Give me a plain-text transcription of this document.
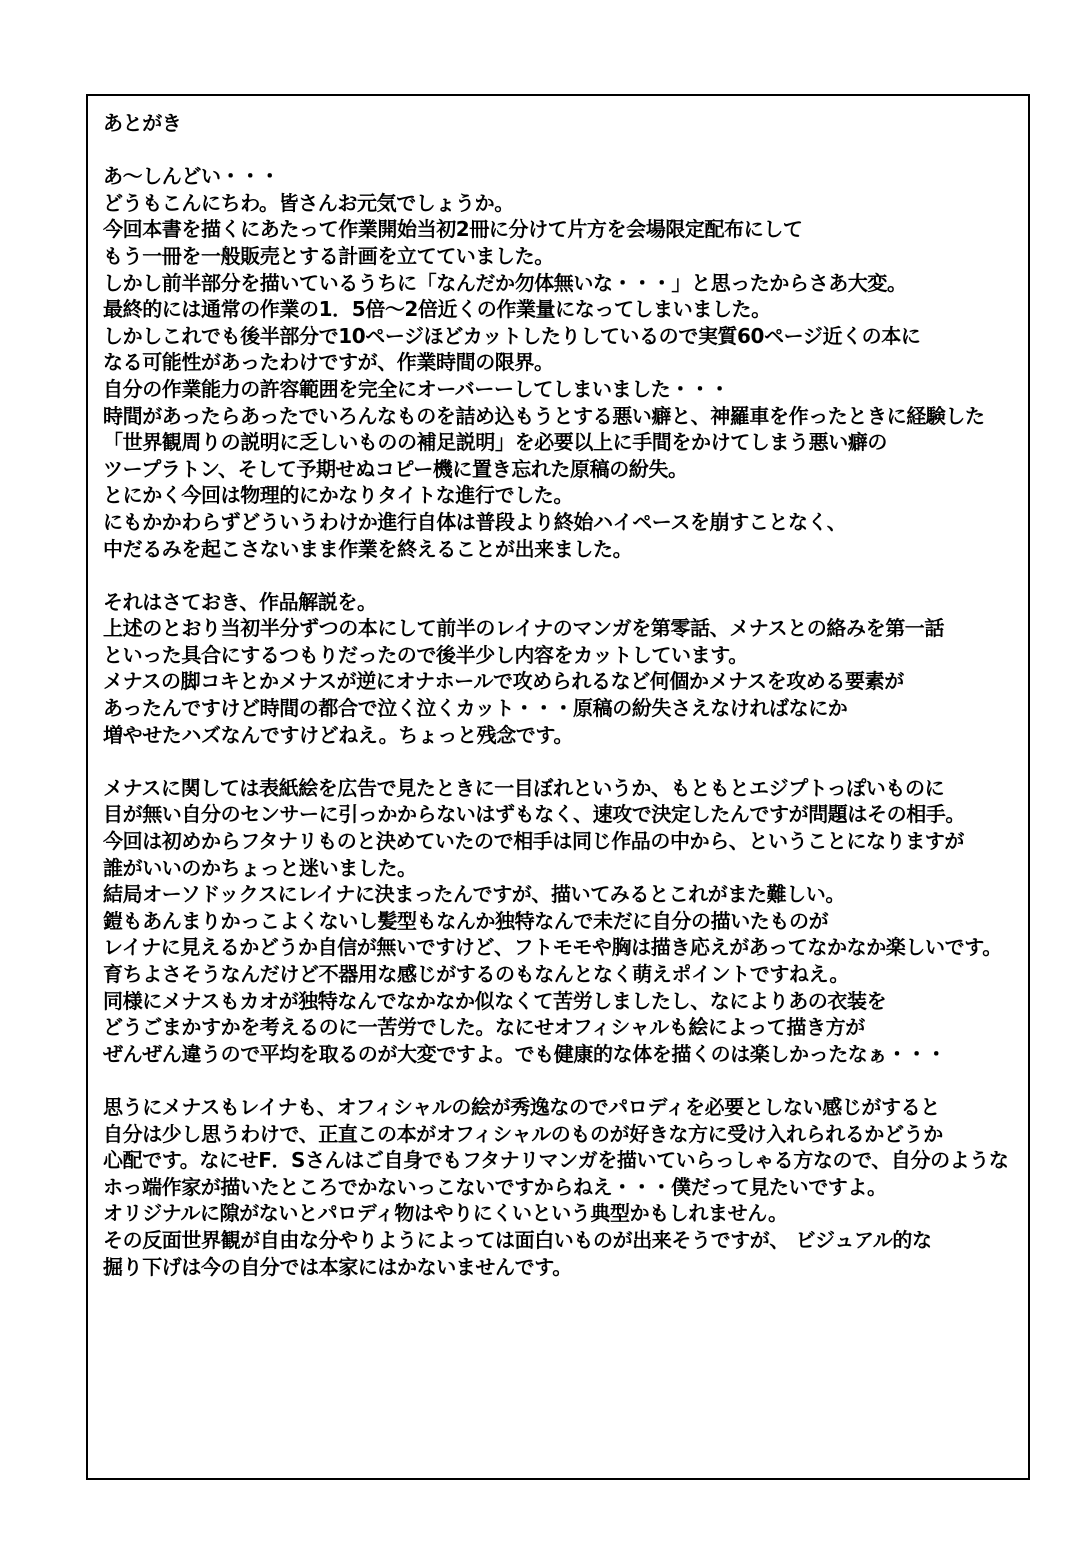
あとがき
あ〜しんどい・・・
どうもこんにちわ。皆さんお元気でしょうか。
今回本書を描くにあたって作業開始当初2冊に分けて片方を会場限定配布にして
もう一冊を一般販売とする計画を立てていました。
しかし前半部分を描いているうちに「なんだか勿体無いな・・・」と思ったからさあ大変。
最終的には通常の作業の1．5倍〜2倍近くの作業量になってしまいました。
しかしこれでも後半部分で10ページほどカットしたりしているので実質60ページ近くの本に
なる可能性があったわけですが、作業時間の限界。
自分の作業能力の許容範囲を完全にオーバーーしてしまいました・・・
時間があったらあったでいろんなものを詰め込もうとする悪い癖と、神羅車を作ったときに経験した
「世界観周りの説明に乏しいものの補足説明」を必要以上に手間をかけてしまう悪い癖の
ツープラトン、そして予期せぬコピー機に置き忘れた原稿の紛失。
とにかく今回は物理的にかなりタイトな進行でした。
にもかかわらずどういうわけか進行自体は普段より終始ハイペースを崩すことなく、
中だるみを起こさないまま作業を終えることが出来ました。
それはさておき、作品解説を。
上述のとおり当初半分ずつの本にして前半のレイナのマンガを第零話、メナスとの絡みを第一話
といった具合にするつもりだったので後半少し内容をカットしています。
メナスの脚コキとかメナスが逆にオナホールで攻められるなど何個かメナスを攻める要素が
あったんですけど時間の都合で泣く泣くカット・・・原稿の紛失さえなければなにか
増やせたハズなんですけどねえ。ちょっと残念です。
メナスに関しては表紙絵を広告で見たときに一目ぼれというか、もともとエジプトっぽいものに
目が無い自分のセンサーに引っかからないはずもなく、速攻で決定したんですが問題はその相手。
今回は初めからフタナリものと決めていたので相手は同じ作品の中から、ということになりますが
誰がいいのかちょっと迷いました。
結局オーソドックスにレイナに決まったんですが、描いてみるとこれがまた難しい。
鎧もあんまりかっこよくないし髪型もなんか独特なんで未だに自分の描いたものが
レイナに見えるかどうか自信が無いですけど、フトモモや胸は描き応えがあってなかなか楽しいです。
育ちよさそうなんだけど不器用な感じがするのもなんとなく萌えポイントですねえ。
同様にメナスもカオが独特なんでなかなか似なくて苦労しましたし、なによりあの衣装を
どうごまかすかを考えるのに一苦労でした。なにせオフィシャルも絵によって描き方が
ぜんぜん違うので平均を取るのが大変ですよ。でも健康的な体を描くのは楽しかったなぁ・・・
思うにメナスもレイナも、オフィシャルの絵が秀逸なのでパロディを必要としない感じがすると
自分は少し思うわけで、正直この本がオフィシャルのものが好きな方に受け入れられるかどうか
心配です。なにせF．Sさんはご自身でもフタナリマンガを描いていらっしゃる方なので、自分のような
ホっ端作家が描いたところでかないっこないですからねえ・・・僕だって見たいですよ。
オリジナルに隙がないとパロディ物はやりにくいという典型かもしれません。
その反面世界観が自由な分やりようによっては面白いものが出来そうですが、 ビジュアル的な
掘り下げは今の自分では本家にはかないませんです。
